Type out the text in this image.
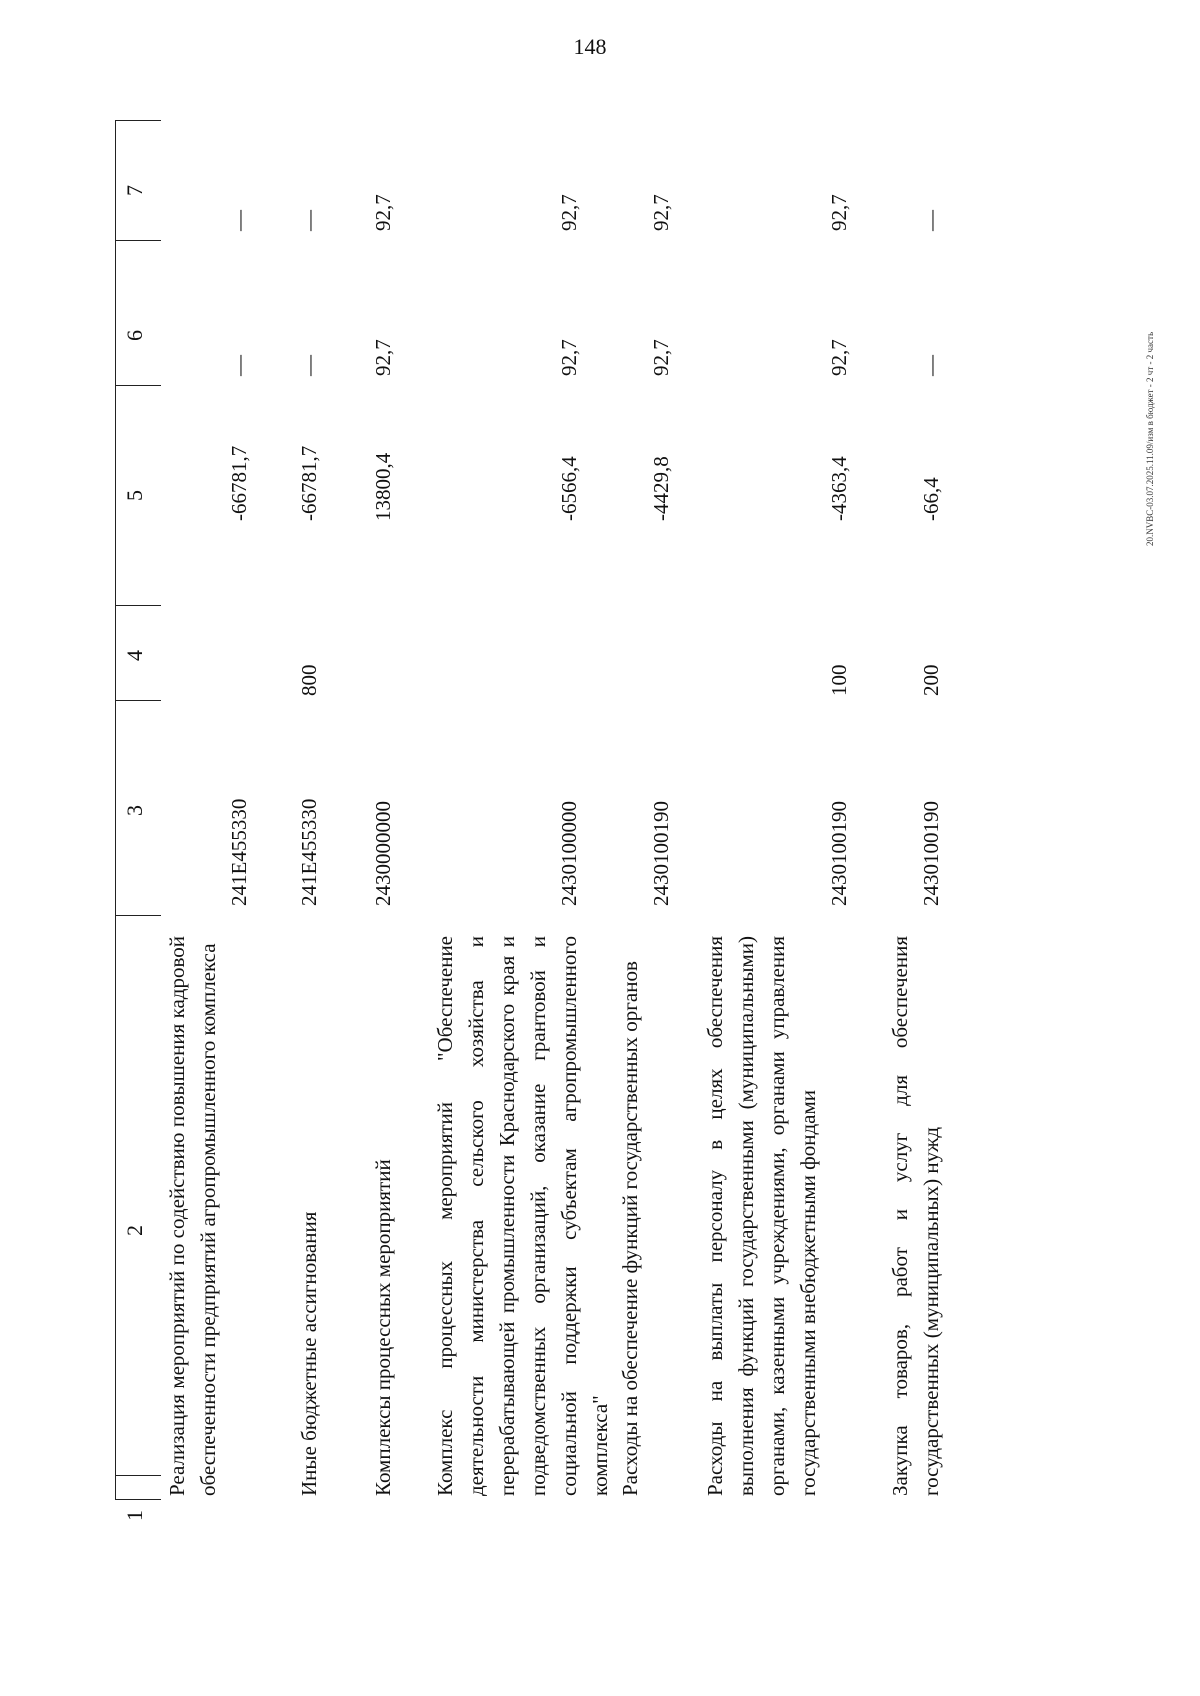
148
1
2
3
4
5
6
7
Реализация мероприятий по содействию повышения кадровой обеспеченности предприятий агропромышленного комплекса
241E455330
-66781,7
—
—
Иные бюджетные ассигнования
241E455330
800
-66781,7
—
—
Комплексы процессных мероприятий
2430000000
13800,4
92,7
92,7
Комплекс процессных мероприятий "Обеспечение деятельности министерства сельского хозяйства и перерабатывающей промышленности Краснодарского края и подведомственных организаций, оказание грантовой и социальной поддержки субъектам агропромышленного комплекса"
2430100000
-6566,4
92,7
92,7
Расходы на обеспечение функций государственных органов
2430100190
-4429,8
92,7
92,7
Расходы на выплаты персоналу в целях обеспечения выполнения функций государственными (муниципальными) органами, казенными учреждениями, органами управления государственными внебюджетными фондами
2430100190
100
-4363,4
92,7
92,7
Закупка товаров, работ и услуг для обеспечения государственных (муниципальных) нужд
2430100190
200
-66,4
—
—
20.NVBC-03.07.2025.11.09/изм в бюджет - 2 чт - 2 часть
